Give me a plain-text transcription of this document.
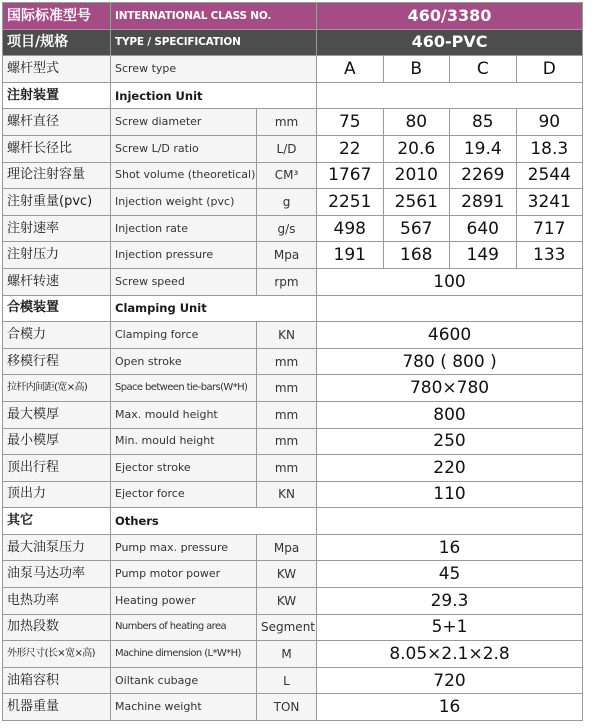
国际标准型号	INTERNATIONAL CLASS NO.		460/3380			
项目/规格	TYPE / SPECIFICATION		460-PVC			
螺杆型式	Screw type		A	B	C	D
注射装置	Injection Unit					
螺杆直径	Screw diameter	mm	75	80	85	90
螺杆长径比	Screw L/D ratio	L/D	22	20.6	19.4	18.3
理论注射容量	Shot volume (theoretical)	CM³	1767	2010	2269	2544
注射重量(pvc)	Injection weight (pvc)	g	2251	2561	2891	3241
注射速率	Injection rate	g/s	498	567	640	717
注射压力	Injection pressure	Mpa	191	168	149	133
螺杆转速	Screw speed	rpm	100			
合模装置	Clamping Unit					
合模力	Clamping force	KN	4600			
移模行程	Open stroke	mm	780 ( 800 )			
拉杆内间距(宽×高)	Space between tie-bars(W*H)	mm	780×780			
最大模厚	Max. mould height	mm	800			
最小模厚	Min. mould height	mm	250			
顶出行程	Ejector stroke	mm	220			
顶出力	Ejector force	KN	110			
其它	Others					
最大油泵压力	Pump max. pressure	Mpa	16			
油泵马达功率	Pump motor power	KW	45			
电热功率	Heating power	KW	29.3			
加热段数	Numbers of heating area	Segment	5+1			
外形尺寸(长×宽×高)	Machine dimension (L*W*H)	M	8.05×2.1×2.8			
油箱容积	Oiltank cubage	L	720			
机器重量	Machine weight	TON	16			
